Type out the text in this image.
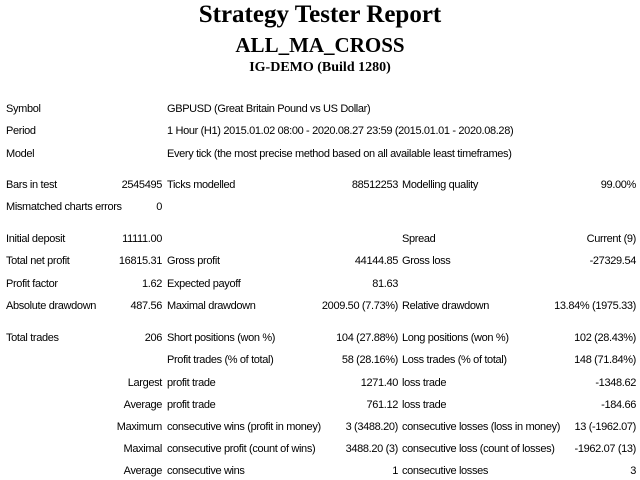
Strategy Tester Report
ALL_MA_CROSS
IG-DEMO (Build 1280)
Symbol	GBPUSD (Great Britain Pound vs US Dollar)
Period	1 Hour (H1) 2015.01.02 08:00 - 2020.08.27 23:59 (2015.01.01 - 2020.08.28)
Model	Every tick (the most precise method based on all available least timeframes)
Bars in test	2545495 Ticks modelled	88512253 Modelling quality	99.00%
Mismatched charts errors	0
Initial deposit	11111.00	Spread	Current (9)
Total net profit	16815.31 Gross profit	44144.85 Gross loss	-27329.54
Profit factor	1.62 Expected payoff	81.63
Absolute drawdown	487.56 Maximal drawdown	2009.50 (7.73%) Relative drawdown	13.84% (1975.33)
Total trades	206 Short positions (won %)	104 (27.88%) Long positions (won %)	102 (28.43%)
Profit trades (% of total)	58 (28.16%) Loss trades (% of total)	148 (71.84%)
Largest profit trade	1271.40 loss trade	-1348.62
Average profit trade	761.12 loss trade	-184.66
Maximum consecutive wins (profit in money) 3 (3488.20) consecutive losses (loss in money) 13 (-1962.07)
Maximal consecutive profit (count of wins)	3488.20 (3) consecutive loss (count of losses) -1962.07 (13)
Average consecutive wins	1 consecutive losses	3
